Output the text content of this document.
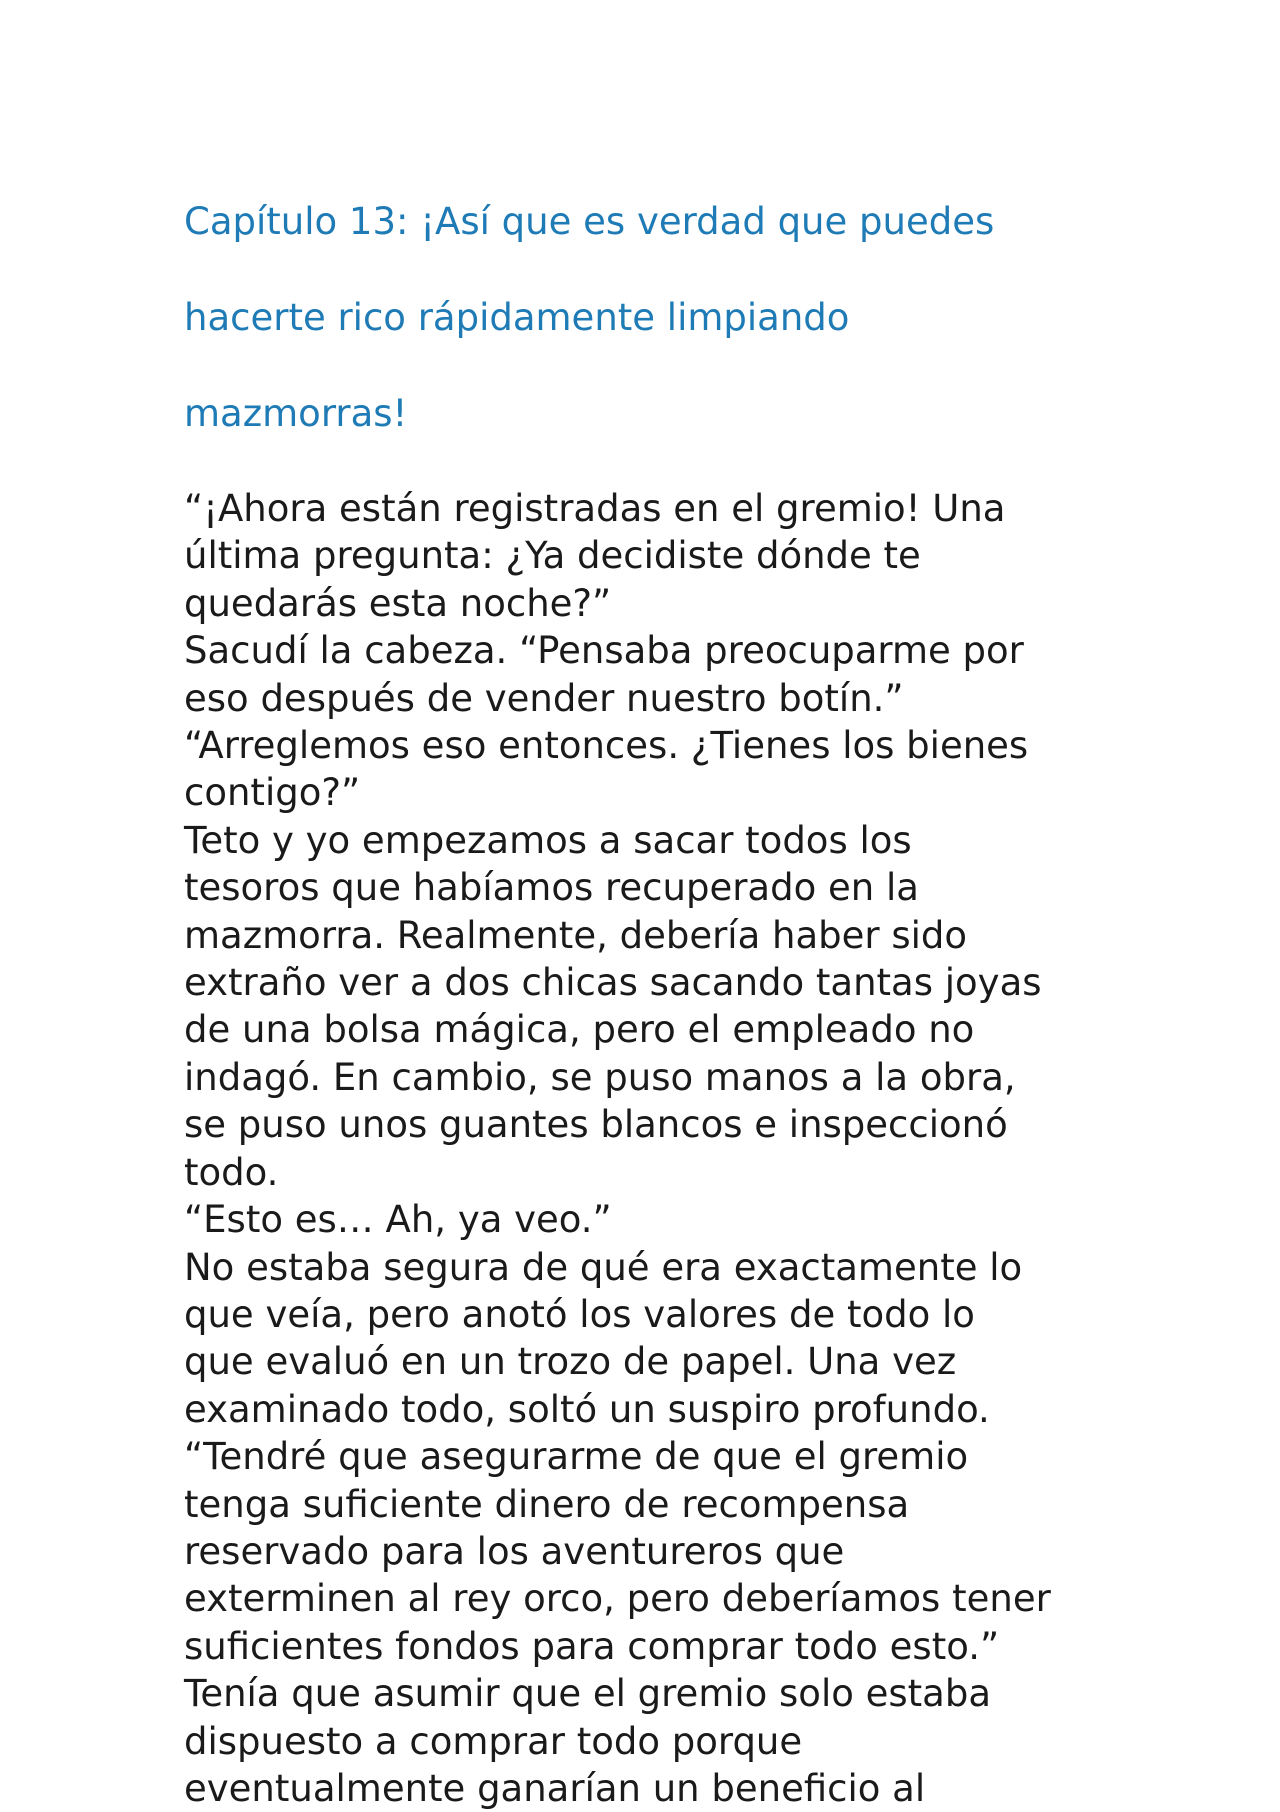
Capítulo 13: ¡Así que es verdad que puedes

hacerte rico rápidamente limpiando

mazmorras!

“¡Ahora están registradas en el gremio! Una
última pregunta: ¿Ya decidiste dónde te
quedarás esta noche?”
Sacudí la cabeza. “Pensaba preocuparme por
eso después de vender nuestro botín.”
“Arreglemos eso entonces. ¿Tienes los bienes
contigo?”
Teto y yo empezamos a sacar todos los
tesoros que habíamos recuperado en la
mazmorra. Realmente, debería haber sido
extraño ver a dos chicas sacando tantas joyas
de una bolsa mágica, pero el empleado no
indagó. En cambio, se puso manos a la obra,
se puso unos guantes blancos e inspeccionó
todo.
“Esto es… Ah, ya veo.”
No estaba segura de qué era exactamente lo
que veía, pero anotó los valores de todo lo
que evaluó en un trozo de papel. Una vez
examinado todo, soltó un suspiro profundo.
“Tendré que asegurarme de que el gremio
tenga suficiente dinero de recompensa
reservado para los aventureros que
exterminen al rey orco, pero deberíamos tener
suficientes fondos para comprar todo esto.”
Tenía que asumir que el gremio solo estaba
dispuesto a comprar todo porque
eventualmente ganarían un beneficio al
